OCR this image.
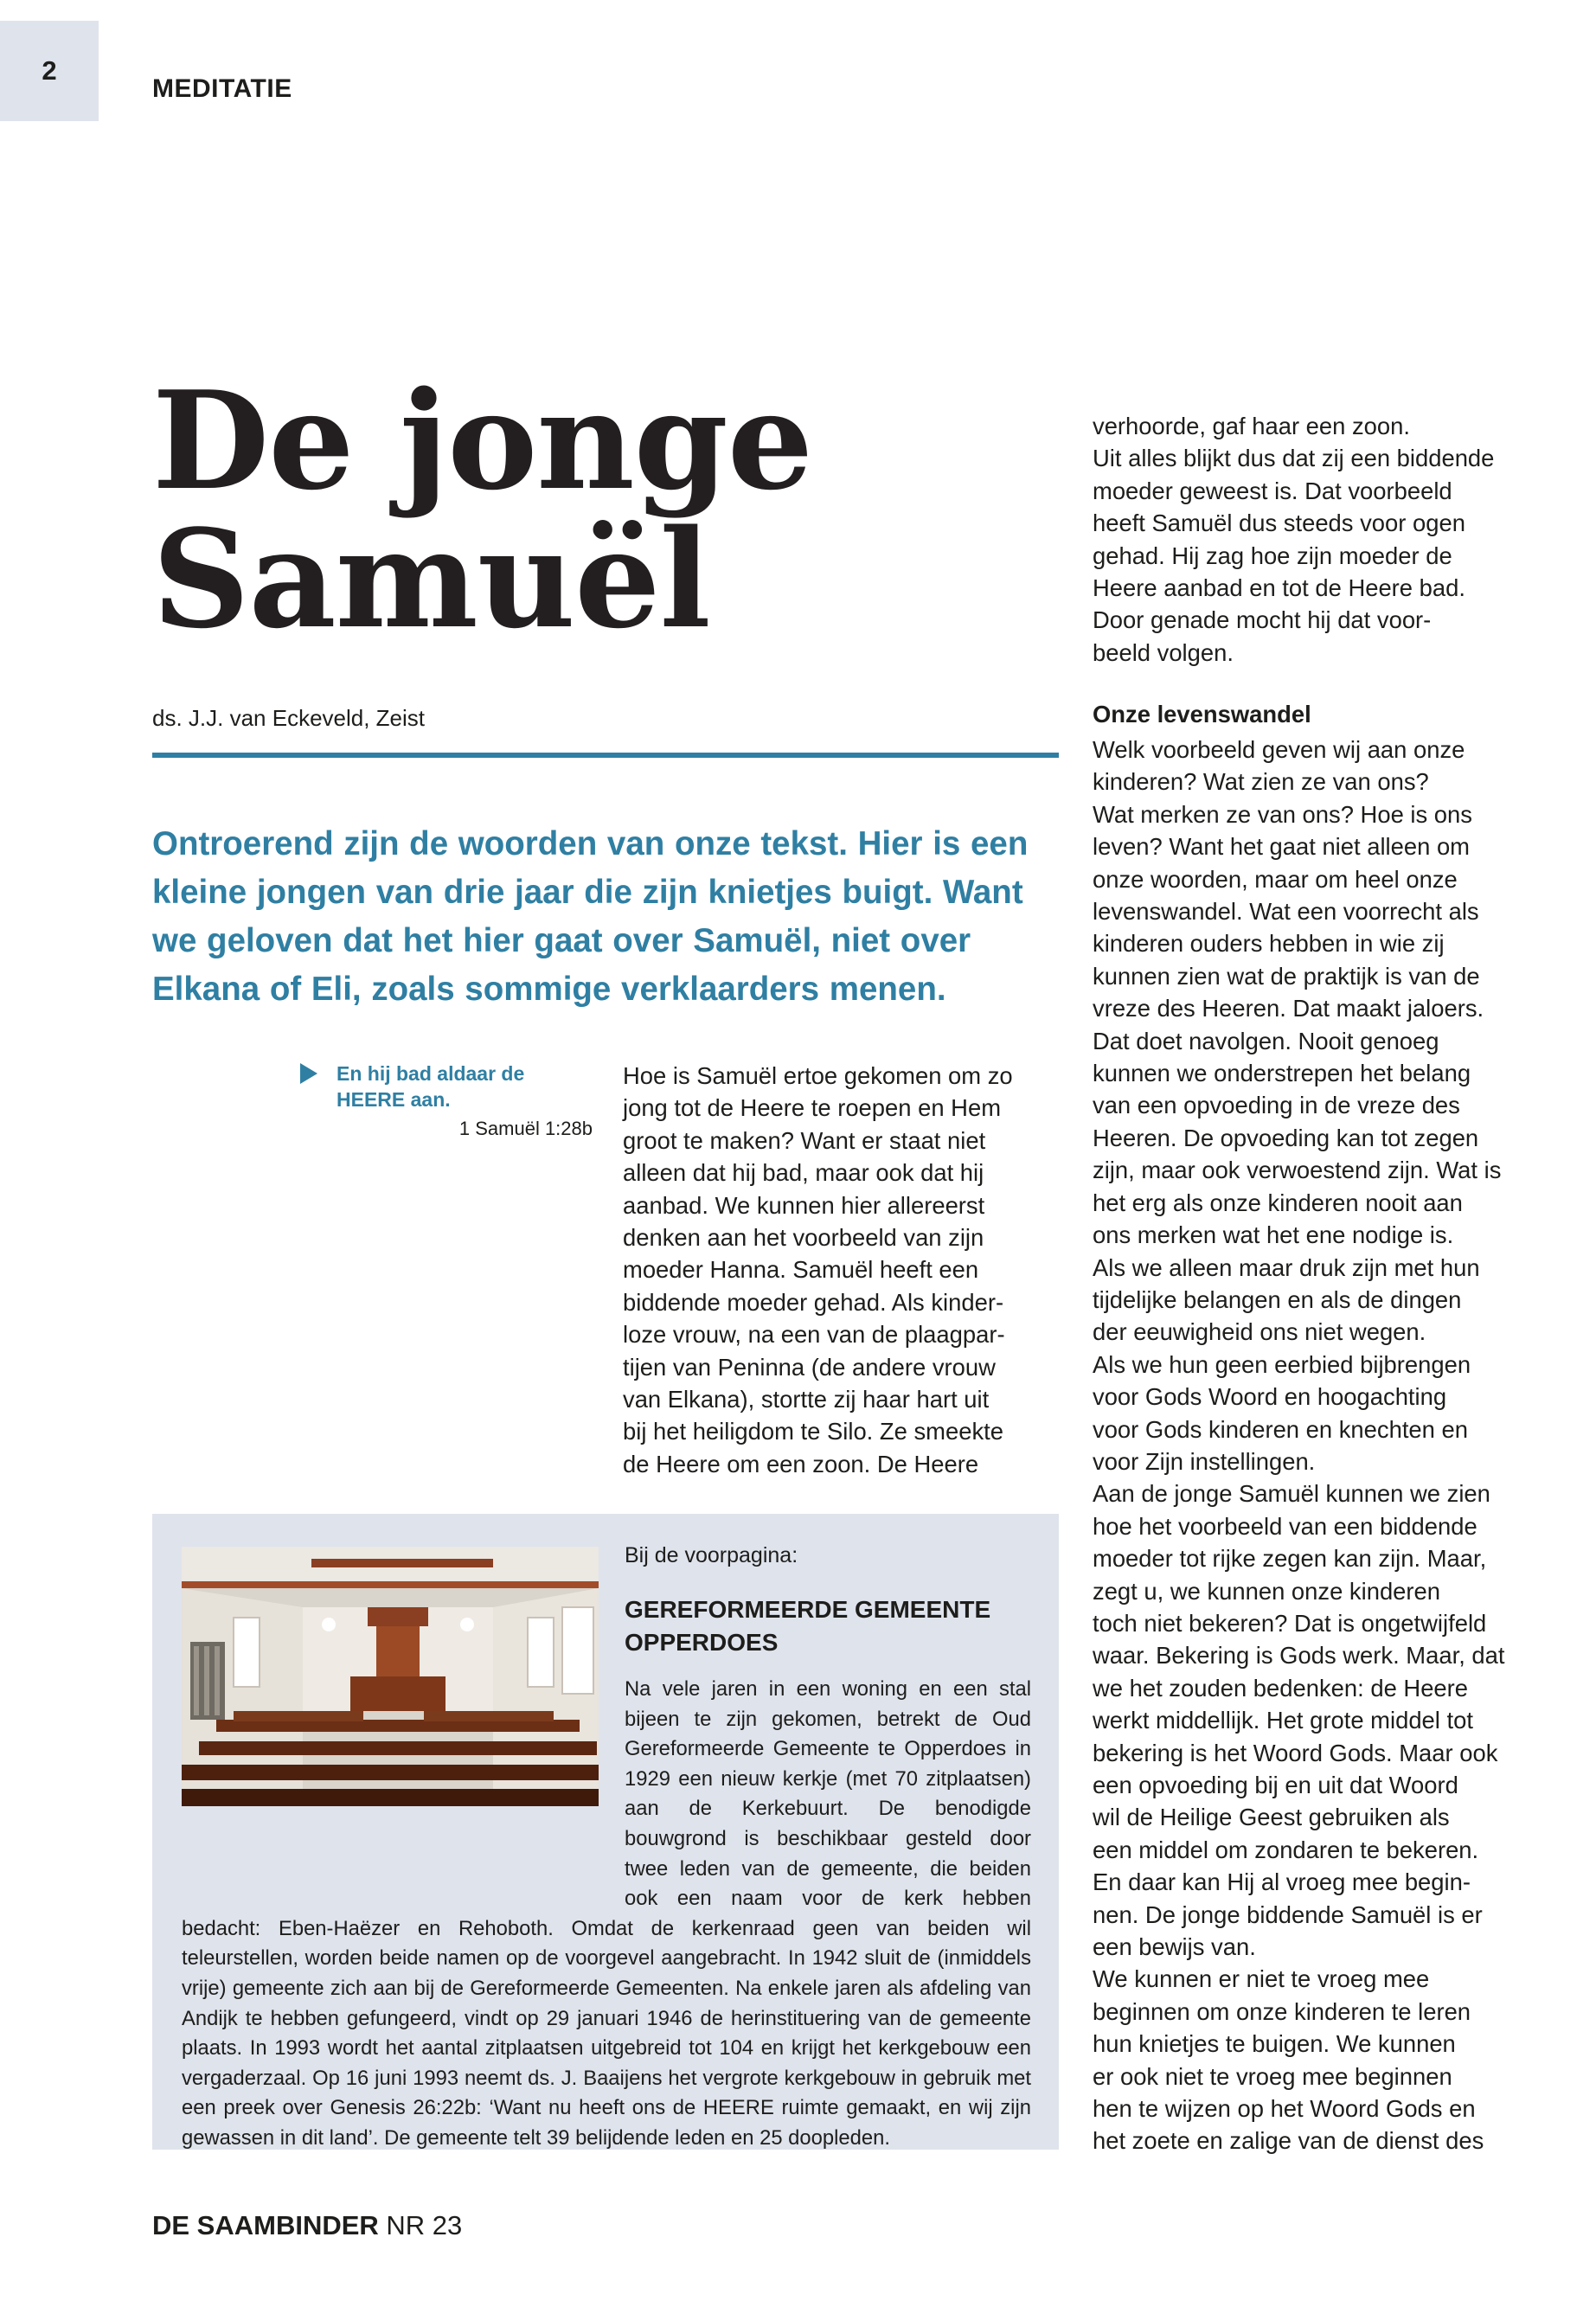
2
MEDITATIE
De jonge
Samuël
ds. J.J. van Eckeveld, Zeist
Ontroerend zijn de woorden van onze tekst. Hier is een kleine jongen van drie jaar die zijn knietjes buigt. Want we geloven dat het hier gaat over Samuël, niet over Elkana of Eli, zoals sommige verklaarders menen.
En hij bad aldaar de HEERE aan.
1 Samuël 1:28b

Hoe is Samuël ertoe gekomen om zo
jong tot de Heere te roepen en Hem
groot te maken? Want er staat niet
alleen dat hij bad, maar ook dat hij
aanbad. We kunnen hier allereerst
denken aan het voorbeeld van zijn
moeder Hanna. Samuël heeft een
biddende moeder gehad. Als kinder-
loze vrouw, na een van de plaagpar-
tijen van Peninna (de andere vrouw
van Elkana), stortte zij haar hart uit
bij het heiligdom te Silo. Ze smeekte
de Heere om een zoon. De Heere

verhoorde, gaf haar een zoon.
Uit alles blijkt dus dat zij een biddende
moeder geweest is. Dat voorbeeld
heeft Samuël dus steeds voor ogen
gehad. Hij zag hoe zijn moeder de
Heere aanbad en tot de Heere bad.
Door genade mocht hij dat voor-
beeld volgen.

Onze levenswandel

Welk voorbeeld geven wij aan onze
kinderen? Wat zien ze van ons?
Wat merken ze van ons? Hoe is ons
leven? Want het gaat niet alleen om
onze woorden, maar om heel onze
levenswandel. Wat een voorrecht als
kinderen ouders hebben in wie zij
kunnen zien wat de praktijk is van de
vreze des Heeren. Dat maakt jaloers.
Dat doet navolgen. Nooit genoeg
kunnen we onderstrepen het belang
van een opvoeding in de vreze des
Heeren. De opvoeding kan tot zegen
zijn, maar ook verwoestend zijn. Wat is
het erg als onze kinderen nooit aan
ons merken wat het ene nodige is.
Als we alleen maar druk zijn met hun
tijdelijke belangen en als de dingen
der eeuwigheid ons niet wegen.
Als we hun geen eerbied bijbrengen
voor Gods Woord en hoogachting
voor Gods kinderen en knechten en
voor Zijn instellingen.
Aan de jonge Samuël kunnen we zien
hoe het voorbeeld van een biddende
moeder tot rijke zegen kan zijn. Maar,
zegt u, we kunnen onze kinderen
toch niet bekeren? Dat is ongetwijfeld
waar. Bekering is Gods werk. Maar, dat
we het zouden bedenken: de Heere
werkt middellijk. Het grote middel tot
bekering is het Woord Gods. Maar ook
een opvoeding bij en uit dat Woord
wil de Heilige Geest gebruiken als
een middel om zondaren te bekeren.
En daar kan Hij al vroeg mee begin-
nen. De jonge biddende Samuël is er
een bewijs van.
We kunnen er niet te vroeg mee
beginnen om onze kinderen te leren
hun knietjes te buigen. We kunnen
er ook niet te vroeg mee beginnen
hen te wijzen op het Woord Gods en
het zoete en zalige van de dienst des

Bij de voorpagina:
GEREFORMEERDE GEMEENTE
OPPERDOES

Na vele jaren in een woning en een stal bijeen te zijn gekomen, betrekt de Oud Gereformeerde Gemeente te Opperdoes in 1929 een nieuw kerkje (met 70 zitplaatsen) aan de Kerkebuurt. De benodigde bouwgrond is beschikbaar gesteld door twee leden van de gemeente, die beiden ook een naam voor de kerk hebben bedacht: Eben-Haëzer en Rehoboth. Omdat de kerkenraad geen van beiden wil teleurstellen, worden beide namen op de voorgevel aangebracht. In 1942 sluit de (inmiddels vrije) gemeente zich aan bij de Gereformeerde Gemeenten. Na enkele jaren als afdeling van Andijk te hebben gefungeerd, vindt op 29 januari 1946 de herinstituering van de gemeente plaats. In 1993 wordt het aantal zitplaatsen uitgebreid tot 104 en krijgt het kerkgebouw een vergaderzaal. Op 16 juni 1993 neemt ds. J. Baaijens het vergrote kerkgebouw in gebruik met een preek over Genesis 26:22b: ‘Want nu heeft ons de HEERE ruimte gemaakt, en wij zijn gewassen in dit land’. De gemeente telt 39 belijdende leden en 25 doopleden.

DE SAAMBINDER NR 23
